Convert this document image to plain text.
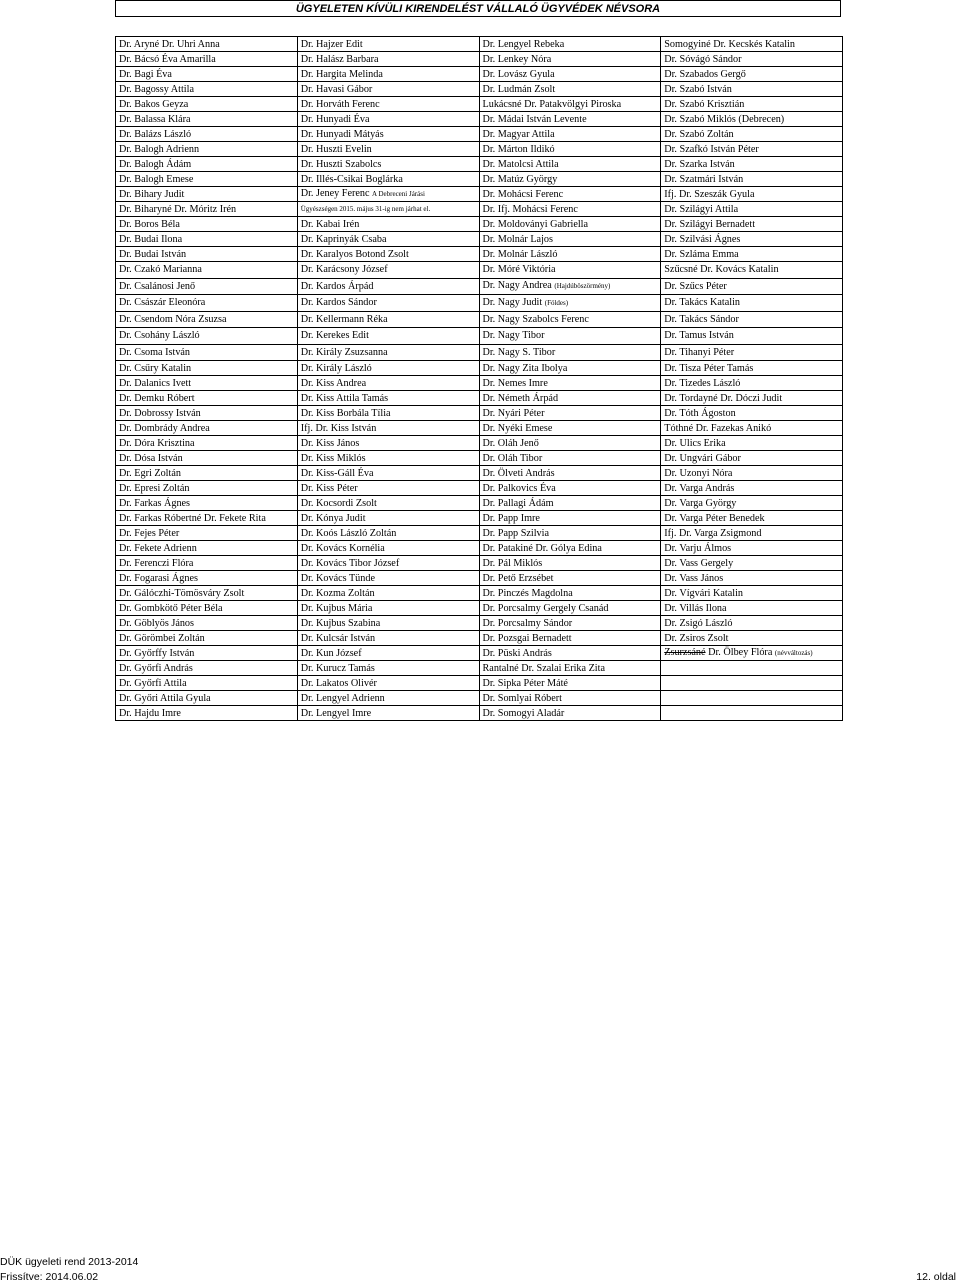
ÜGYELETEN KÍVÜLI KIRENDELÉST VÁLLALÓ ÜGYVÉDEK NÉVSORA
Dr. Aryné Dr. Uhri Anna	Dr. Hajzer Edit	Dr. Lengyel Rebeka	Somogyiné Dr. Kecskés Katalin
Dr. Bácsó Éva Amarilla	Dr. Halász Barbara	Dr. Lenkey Nóra	Dr. Sóvágó Sándor
Dr. Bagi Éva	Dr. Hargita Melinda	Dr. Lovász Gyula	Dr. Szabados Gergő
Dr. Bagossy Attila	Dr. Havasi Gábor	Dr. Ludmán Zsolt	Dr. Szabó István
Dr. Bakos Geyza	Dr. Horváth Ferenc	Lukácsné Dr. Patakvölgyi Piroska	Dr. Szabó Krisztián
Dr. Balassa Klára	Dr. Hunyadi Éva	Dr. Mádai István Levente	Dr. Szabó Miklós (Debrecen)
Dr. Balázs László	Dr. Hunyadi Mátyás	Dr. Magyar Attila	Dr. Szabó Zoltán
Dr. Balogh Adrienn	Dr. Huszti Evelin	Dr. Márton Ildikó	Dr. Szafkó István Péter
Dr. Balogh Ádám	Dr. Huszti Szabolcs	Dr. Matolcsi Attila	Dr. Szarka István
Dr. Balogh Emese	Dr. Illés-Csikai Boglárka	Dr. Matúz György	Dr. Szatmári István
Dr. Bihary Judit	Dr. Jeney Ferenc A Debreceni Járási	Dr. Mohácsi Ferenc	Ifj. Dr. Szeszák Gyula
Dr. Biharyné Dr. Móritz Irén	Ügyészségen 2015. május 31-ig nem járhat el.	Dr. Ifj. Mohácsi Ferenc	Dr. Szilágyi Attila
Dr. Boros Béla	Dr. Kabai Irén	Dr. Moldoványi Gabriella	Dr. Szilágyi Bernadett
Dr. Budai Ilona	Dr. Kaprinyák Csaba	Dr. Molnár Lajos	Dr. Szilvási Ágnes
Dr. Budai István	Dr. Karalyos Botond Zsolt	Dr. Molnár László	Dr. Szláma Emma
Dr. Czakó Marianna	Dr. Karácsony József	Dr. Móré Viktória	Szűcsné Dr. Kovács Katalin
Dr. Csalánosi Jenő	Dr. Kardos Árpád	Dr. Nagy Andrea (Hajdúböszörmény)	Dr. Szűcs Péter
Dr. Császár Eleonóra	Dr. Kardos Sándor	Dr. Nagy Judit (Földes)	Dr. Takács Katalin
Dr. Csendom Nóra Zsuzsa	Dr. Kellermann Réka	Dr. Nagy Szabolcs Ferenc	Dr. Takács Sándor
Dr. Csohány László	Dr. Kerekes Edit	Dr. Nagy Tibor	Dr. Tamus István
Dr. Csoma István	Dr. Király Zsuzsanna	Dr. Nagy S. Tibor	Dr. Tihanyi Péter
Dr. Csűry Katalin	Dr. Király László	Dr. Nagy Zita Ibolya	Dr. Tisza Péter Tamás
Dr. Dalanics Ivett	Dr. Kiss Andrea	Dr. Nemes Imre	Dr. Tizedes László
Dr. Demku Róbert	Dr. Kiss Attila Tamás	Dr. Németh Árpád	Dr. Tordayné Dr. Dóczi Judit
Dr. Dobrossy István	Dr. Kiss Borbála Tília	Dr. Nyári Péter	Dr. Tóth Ágoston
Dr. Dombrády Andrea	Ifj. Dr. Kiss István	Dr. Nyéki Emese	Tóthné Dr. Fazekas Anikó
Dr. Dóra Krisztina	Dr. Kiss János	Dr. Oláh Jenő	Dr. Ulics Erika
Dr. Dósa István	Dr. Kiss Miklós	Dr. Oláh Tibor	Dr. Ungvári Gábor
Dr. Egri Zoltán	Dr. Kiss-Gáll Éva	Dr. Ölveti András	Dr. Uzonyi Nóra
Dr. Epresi Zoltán	Dr. Kiss Péter	Dr. Palkovics Éva	Dr. Varga András
Dr. Farkas Ágnes	Dr. Kocsordi Zsolt	Dr. Pallagi Ádám	Dr. Varga György
Dr. Farkas Róbertné Dr. Fekete Rita	Dr. Kónya Judit	Dr. Papp Imre	Dr. Varga Péter Benedek
Dr. Fejes Péter	Dr. Koós László Zoltán	Dr. Papp Szilvia	Ifj. Dr. Varga Zsigmond
Dr. Fekete Adrienn	Dr. Kovács Kornélia	Dr. Patakiné Dr. Gólya Edina	Dr. Varju Álmos
Dr. Ferenczi Flóra	Dr. Kovács Tibor József	Dr. Pál Miklós	Dr. Vass Gergely
Dr. Fogarasi Ágnes	Dr. Kovács Tünde	Dr. Pető Erzsébet	Dr. Vass János
Dr. Gálóczhi-Tömösváry Zsolt	Dr. Kozma Zoltán	Dr. Pinczés Magdolna	Dr. Vígvári Katalin
Dr. Gombkötő Péter Béla	Dr. Kujbus Mária	Dr. Porcsalmy Gergely Csanád	Dr. Villás Ilona
Dr. Göblyös János	Dr. Kujbus Szabina	Dr. Porcsalmy Sándor	Dr. Zsigó László
Dr. Görömbei Zoltán	Dr. Kulcsár István	Dr. Pozsgai Bernadett	Dr. Zsiros Zsolt
Dr. Győrffy István	Dr. Kun József	Dr. Püski András	Zsurzsáné Dr. Ölbey Flóra (névváltozás)
Dr. Győrfi András	Dr. Kurucz Tamás	Rantalné Dr. Szalai Erika Zita	
Dr. Győrfi Attila	Dr. Lakatos Olivér	Dr. Sipka Péter Máté	
Dr. Győri Attila Gyula	Dr. Lengyel Adrienn	Dr. Somlyai Róbert	
Dr. Hajdu Imre	Dr. Lengyel Imre	Dr. Somogyi Aladár	
DÜK ügyeleti rend 2013-2014
Frissítve: 2014.06.02	12. oldal
